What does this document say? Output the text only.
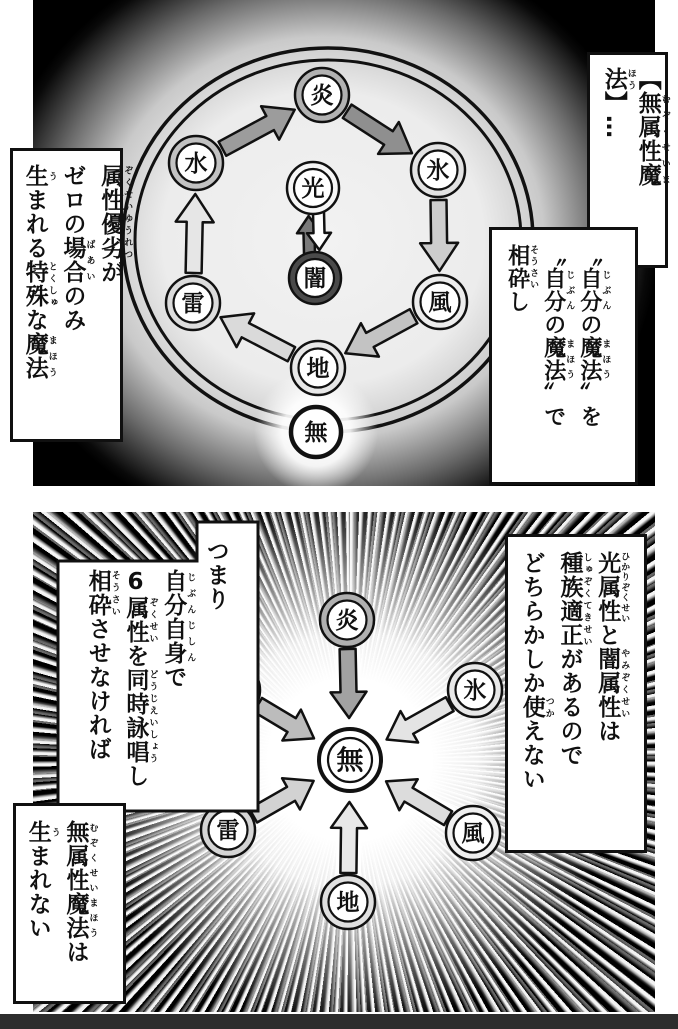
炎
氷
風
地
雷
水
光
闇
無
無
炎
氷
風
地
雷

【無属性魔法むぞくせいまほう】…

〝自分じぶんの魔法まほう〟を

〝自分じぶんの魔法まほう〟で

相砕そうさいし

属性優劣 ぞくせいゆうれつが

ゼロの場合 ばあいのみ

生 うまれる特殊 とくしゅな魔法 まほう

光属性 ひかりぞくせいと闇属性 やみぞくせいは

種族適正 しゅぞくてきせいがあるので

どちらかしか使 つかえない

つまり

自分自身 じぶんじしんで

6属性 ぞくせいを同時詠唱 どうじえいしょうし

相砕 そうさいさせなければ

無属性魔法 むぞくせいまほうは

生 うまれない
